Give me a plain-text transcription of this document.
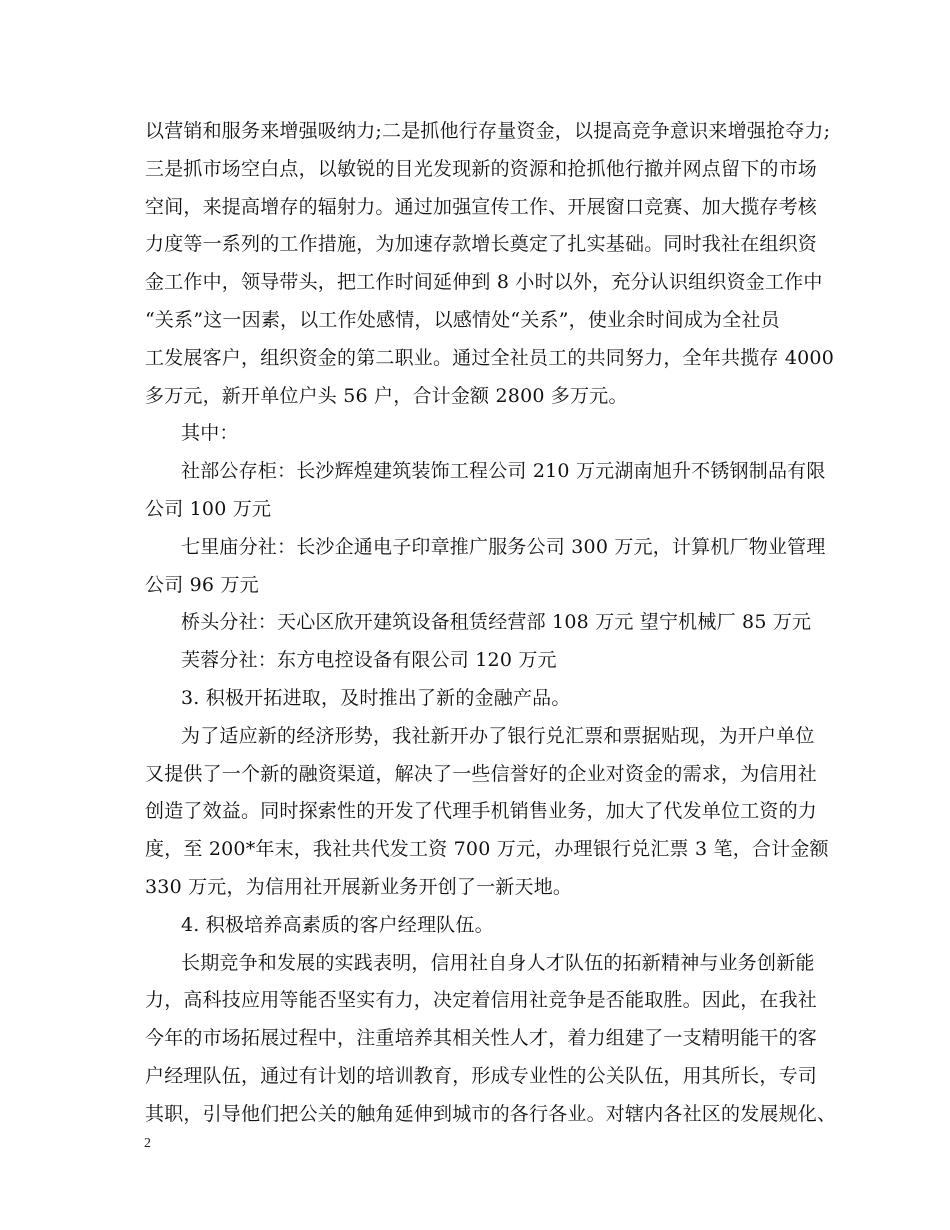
以营销和服务来增强吸纳力;二是抓他行存量资金，以提高竞争意识来增强抢夺力;
三是抓市场空白点，以敏锐的目光发现新的资源和抢抓他行撤并网点留下的市场
空间，来提高增存的辐射力。通过加强宣传工作、开展窗口竞赛、加大揽存考核
力度等一系列的工作措施，为加速存款增长奠定了扎实基础。同时我社在组织资
金工作中，领导带头，把工作时间延伸到 8 小时以外，充分认识组织资金工作中
“关系”这一因素，以工作处感情，以感情处“关系”，使业余时间成为全社员
工发展客户，组织资金的第二职业。通过全社员工的共同努力，全年共揽存 4000
多万元，新开单位户头 56 户，合计金额 2800 多万元。
其中：
社部公存柜：长沙辉煌建筑装饰工程公司 210 万元湖南旭升不锈钢制品有限
公司 100 万元
七里庙分社：长沙企通电子印章推广服务公司 300 万元，计算机厂物业管理
公司 96 万元
桥头分社：天心区欣开建筑设备租赁经营部 108 万元 望宁机械厂 85 万元
芙蓉分社：东方电控设备有限公司 120 万元
3. 积极开拓进取，及时推出了新的金融产品。
为了适应新的经济形势，我社新开办了银行兑汇票和票据贴现，为开户单位
又提供了一个新的融资渠道，解决了一些信誉好的企业对资金的需求，为信用社
创造了效益。同时探索性的开发了代理手机销售业务，加大了代发单位工资的力
度，至 200*年末，我社共代发工资 700 万元，办理银行兑汇票 3 笔，合计金额
330 万元，为信用社开展新业务开创了一新天地。
4. 积极培养高素质的客户经理队伍。
长期竞争和发展的实践表明，信用社自身人才队伍的拓新精神与业务创新能
力，高科技应用等能否坚实有力，决定着信用社竞争是否能取胜。因此，在我社
今年的市场拓展过程中，注重培养其相关性人才，着力组建了一支精明能干的客
户经理队伍，通过有计划的培训教育，形成专业性的公关队伍，用其所长，专司
其职，引导他们把公关的触角延伸到城市的各行各业。对辖内各社区的发展规化、
2
